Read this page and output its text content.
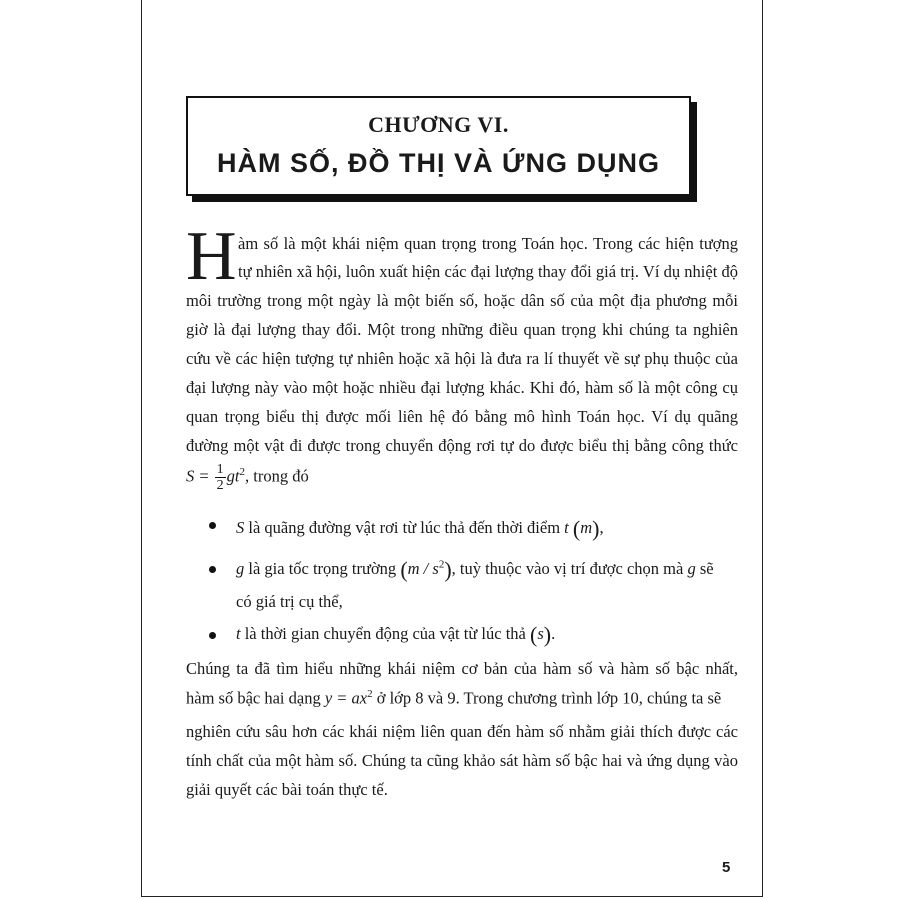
CHƯƠNG VI.
HÀM SỐ, ĐỒ THỊ VÀ ỨNG DỤNG
H àm số là một khái niệm quan trọng trong Toán học. Trong các hiện tượng
tự nhiên xã hội, luôn xuất hiện các đại lượng thay đổi giá trị. Ví dụ nhiệt độ
môi trường trong một ngày là một biến số, hoặc dân số của một địa phương mỗi
giờ là đại lượng thay đổi. Một trong những điều quan trọng khi chúng ta nghiên
cứu về các hiện tượng tự nhiên hoặc xã hội là đưa ra lí thuyết về sự phụ thuộc của
đại lượng này vào một hoặc nhiều đại lượng khác. Khi đó, hàm số là một công cụ
quan trọng biểu thị được mối liên hệ đó bằng mô hình Toán học. Ví dụ quãng
đường một vật đi được trong chuyển động rơi tự do được biểu thị bằng công thức
$S = \frac{1}{2} gt^2$, trong đó
S là quãng đường vật rơi từ lúc thả đến thời điểm t (m),
g là gia tốc trọng trường $(m / s^2)$, tuỳ thuộc vào vị trí được chọn mà g sẽ
có giá trị cụ thể,
t là thời gian chuyển động của vật từ lúc thả (s).
Chúng ta đã tìm hiểu những khái niệm cơ bản của hàm số và hàm số bậc nhất,
hàm số bậc hai dạng $y = ax^2$ ở lớp 8 và 9. Trong chương trình lớp 10, chúng ta sẽ
nghiên cứu sâu hơn các khái niệm liên quan đến hàm số nhằm giải thích được các
tính chất của một hàm số. Chúng ta cũng khảo sát hàm số bậc hai và ứng dụng vào
giải quyết các bài toán thực tế.
5
